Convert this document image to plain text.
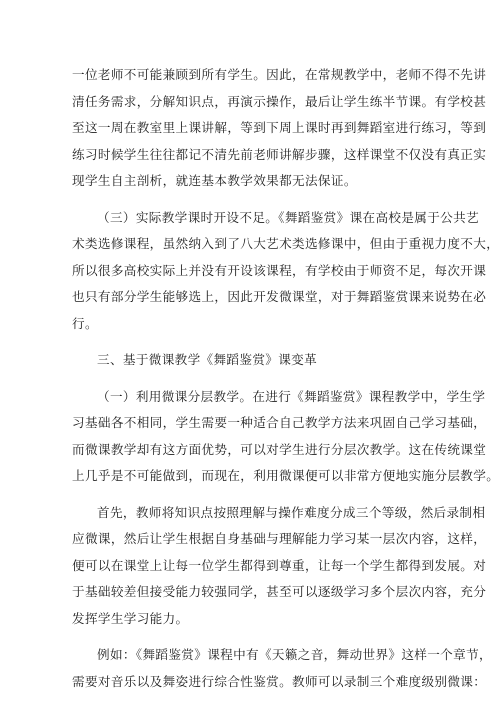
一位老师不可能兼顾到所有学生。因此，在常规教学中，老师不得不先讲
清任务需求，分解知识点，再演示操作，最后让学生练半节课。有学校甚
至这一周在教室里上课讲解，等到下周上课时再到舞蹈室进行练习，等到
练习时候学生往往都记不清先前老师讲解步骤，这样课堂不仅没有真正实
现学生自主剖析，就连基本教学效果都无法保证。
（三）实际教学课时开设不足。《舞蹈鉴赏》课在高校是属于公共艺
术类选修课程，虽然纳入到了八大艺术类选修课中，但由于重视力度不大，
所以很多高校实际上并没有开设该课程，有学校由于师资不足，每次开课
也只有部分学生能够选上，因此开发微课堂，对于舞蹈鉴赏课来说势在必
行。
三、基于微课教学《舞蹈鉴赏》课变革
（一）利用微课分层教学。在进行《舞蹈鉴赏》课程教学中，学生学
习基础各不相同，学生需要一种适合自己教学方法来巩固自己学习基础，
而微课教学却有这方面优势，可以对学生进行分层次教学。这在传统课堂
上几乎是不可能做到，而现在，利用微课便可以非常方便地实施分层教学。
首先，教师将知识点按照理解与操作难度分成三个等级，然后录制相
应微课，然后让学生根据自身基础与理解能力学习某一层次内容，这样，
便可以在课堂上让每一位学生都得到尊重，让每一个学生都得到发展。对
于基础较差但接受能力较强同学，甚至可以逐级学习多个层次内容，充分
发挥学生学习能力。
例如：《舞蹈鉴赏》课程中有《天籁之音，舞动世界》这样一个章节，
需要对音乐以及舞姿进行综合性鉴赏。教师可以录制三个难度级别微课：
